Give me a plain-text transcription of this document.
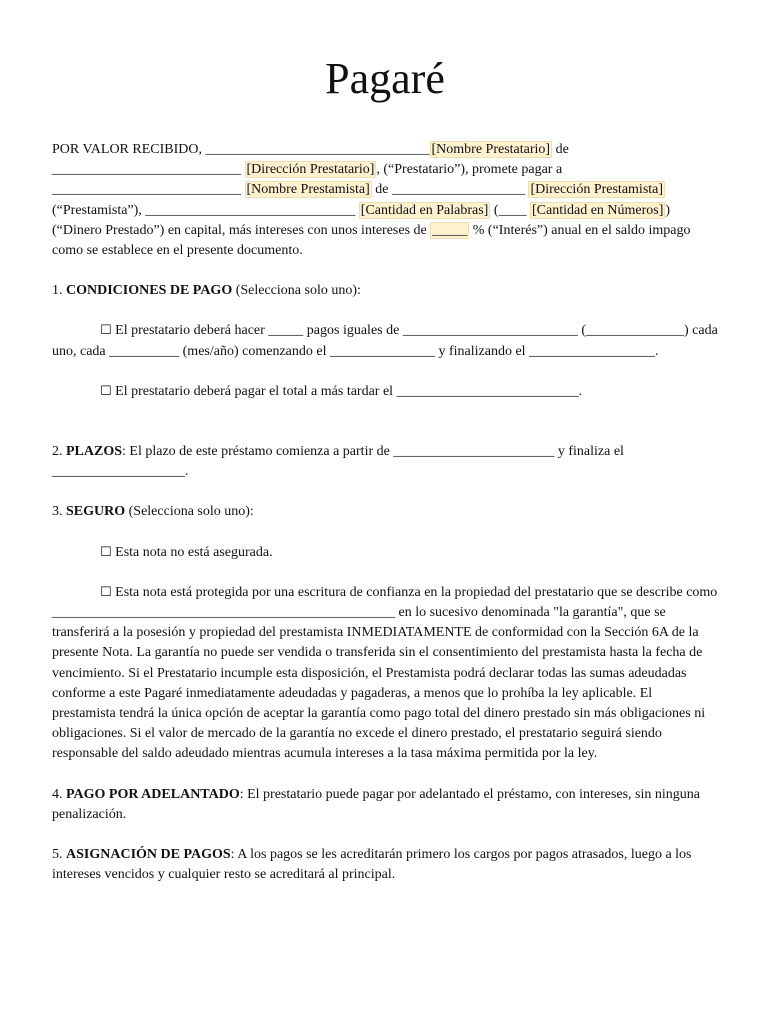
Pagaré

POR VALOR RECIBIDO, ________________________________ [Nombre Prestatario] de ___________________________ [Dirección Prestatario] , (“Prestatario”), promete pagar a ___________________________ [Nombre Prestamista] de ___________________ [Dirección Prestamista] (“Prestamista”), ______________________________ [Cantidad en Palabras] (____ [Cantidad en Números] ) (“Dinero Prestado”) en capital, más intereses con unos intereses de _____ % (“Interés”) anual en el saldo impago como se establece en el presente documento.

1. CONDICIONES DE PAGO (Selecciona solo uno):

☐ El prestatario deberá hacer _____ pagos iguales de _________________________ (______________) cada uno, cada __________ (mes/año) comenzando el _______________ y finalizando el __________________.

☐ El prestatario deberá pagar el total a más tardar el __________________________.

2. PLAZOS: El plazo de este préstamo comienza a partir de _______________________ y finaliza el ___________________.

3. SEGURO (Selecciona solo uno):

☐ Esta nota no está asegurada.

☐ Esta nota está protegida por una escritura de confianza en la propiedad del prestatario que se describe como _________________________________________________ en lo sucesivo denominada "la garantía", que se transferirá a la posesión y propiedad del prestamista INMEDIATAMENTE de conformidad con la Sección 6A de la presente Nota. La garantía no puede ser vendida o transferida sin el consentimiento del prestamista hasta la fecha de vencimiento. Si el Prestatario incumple esta disposición, el Prestamista podrá declarar todas las sumas adeudadas conforme a este Pagaré inmediatamente adeudadas y pagaderas, a menos que lo prohíba la ley aplicable. El prestamista tendrá la única opción de aceptar la garantía como pago total del dinero prestado sin más obligaciones ni obligaciones. Si el valor de mercado de la garantía no excede el dinero prestado, el prestatario seguirá siendo responsable del saldo adeudado mientras acumula intereses a la tasa máxima permitida por la ley.

4. PAGO POR ADELANTADO: El prestatario puede pagar por adelantado el préstamo, con intereses, sin ninguna penalización.

5. ASIGNACIÓN DE PAGOS: A los pagos se les acreditarán primero los cargos por pagos atrasados, luego a los intereses vencidos y cualquier resto se acreditará al principal.
